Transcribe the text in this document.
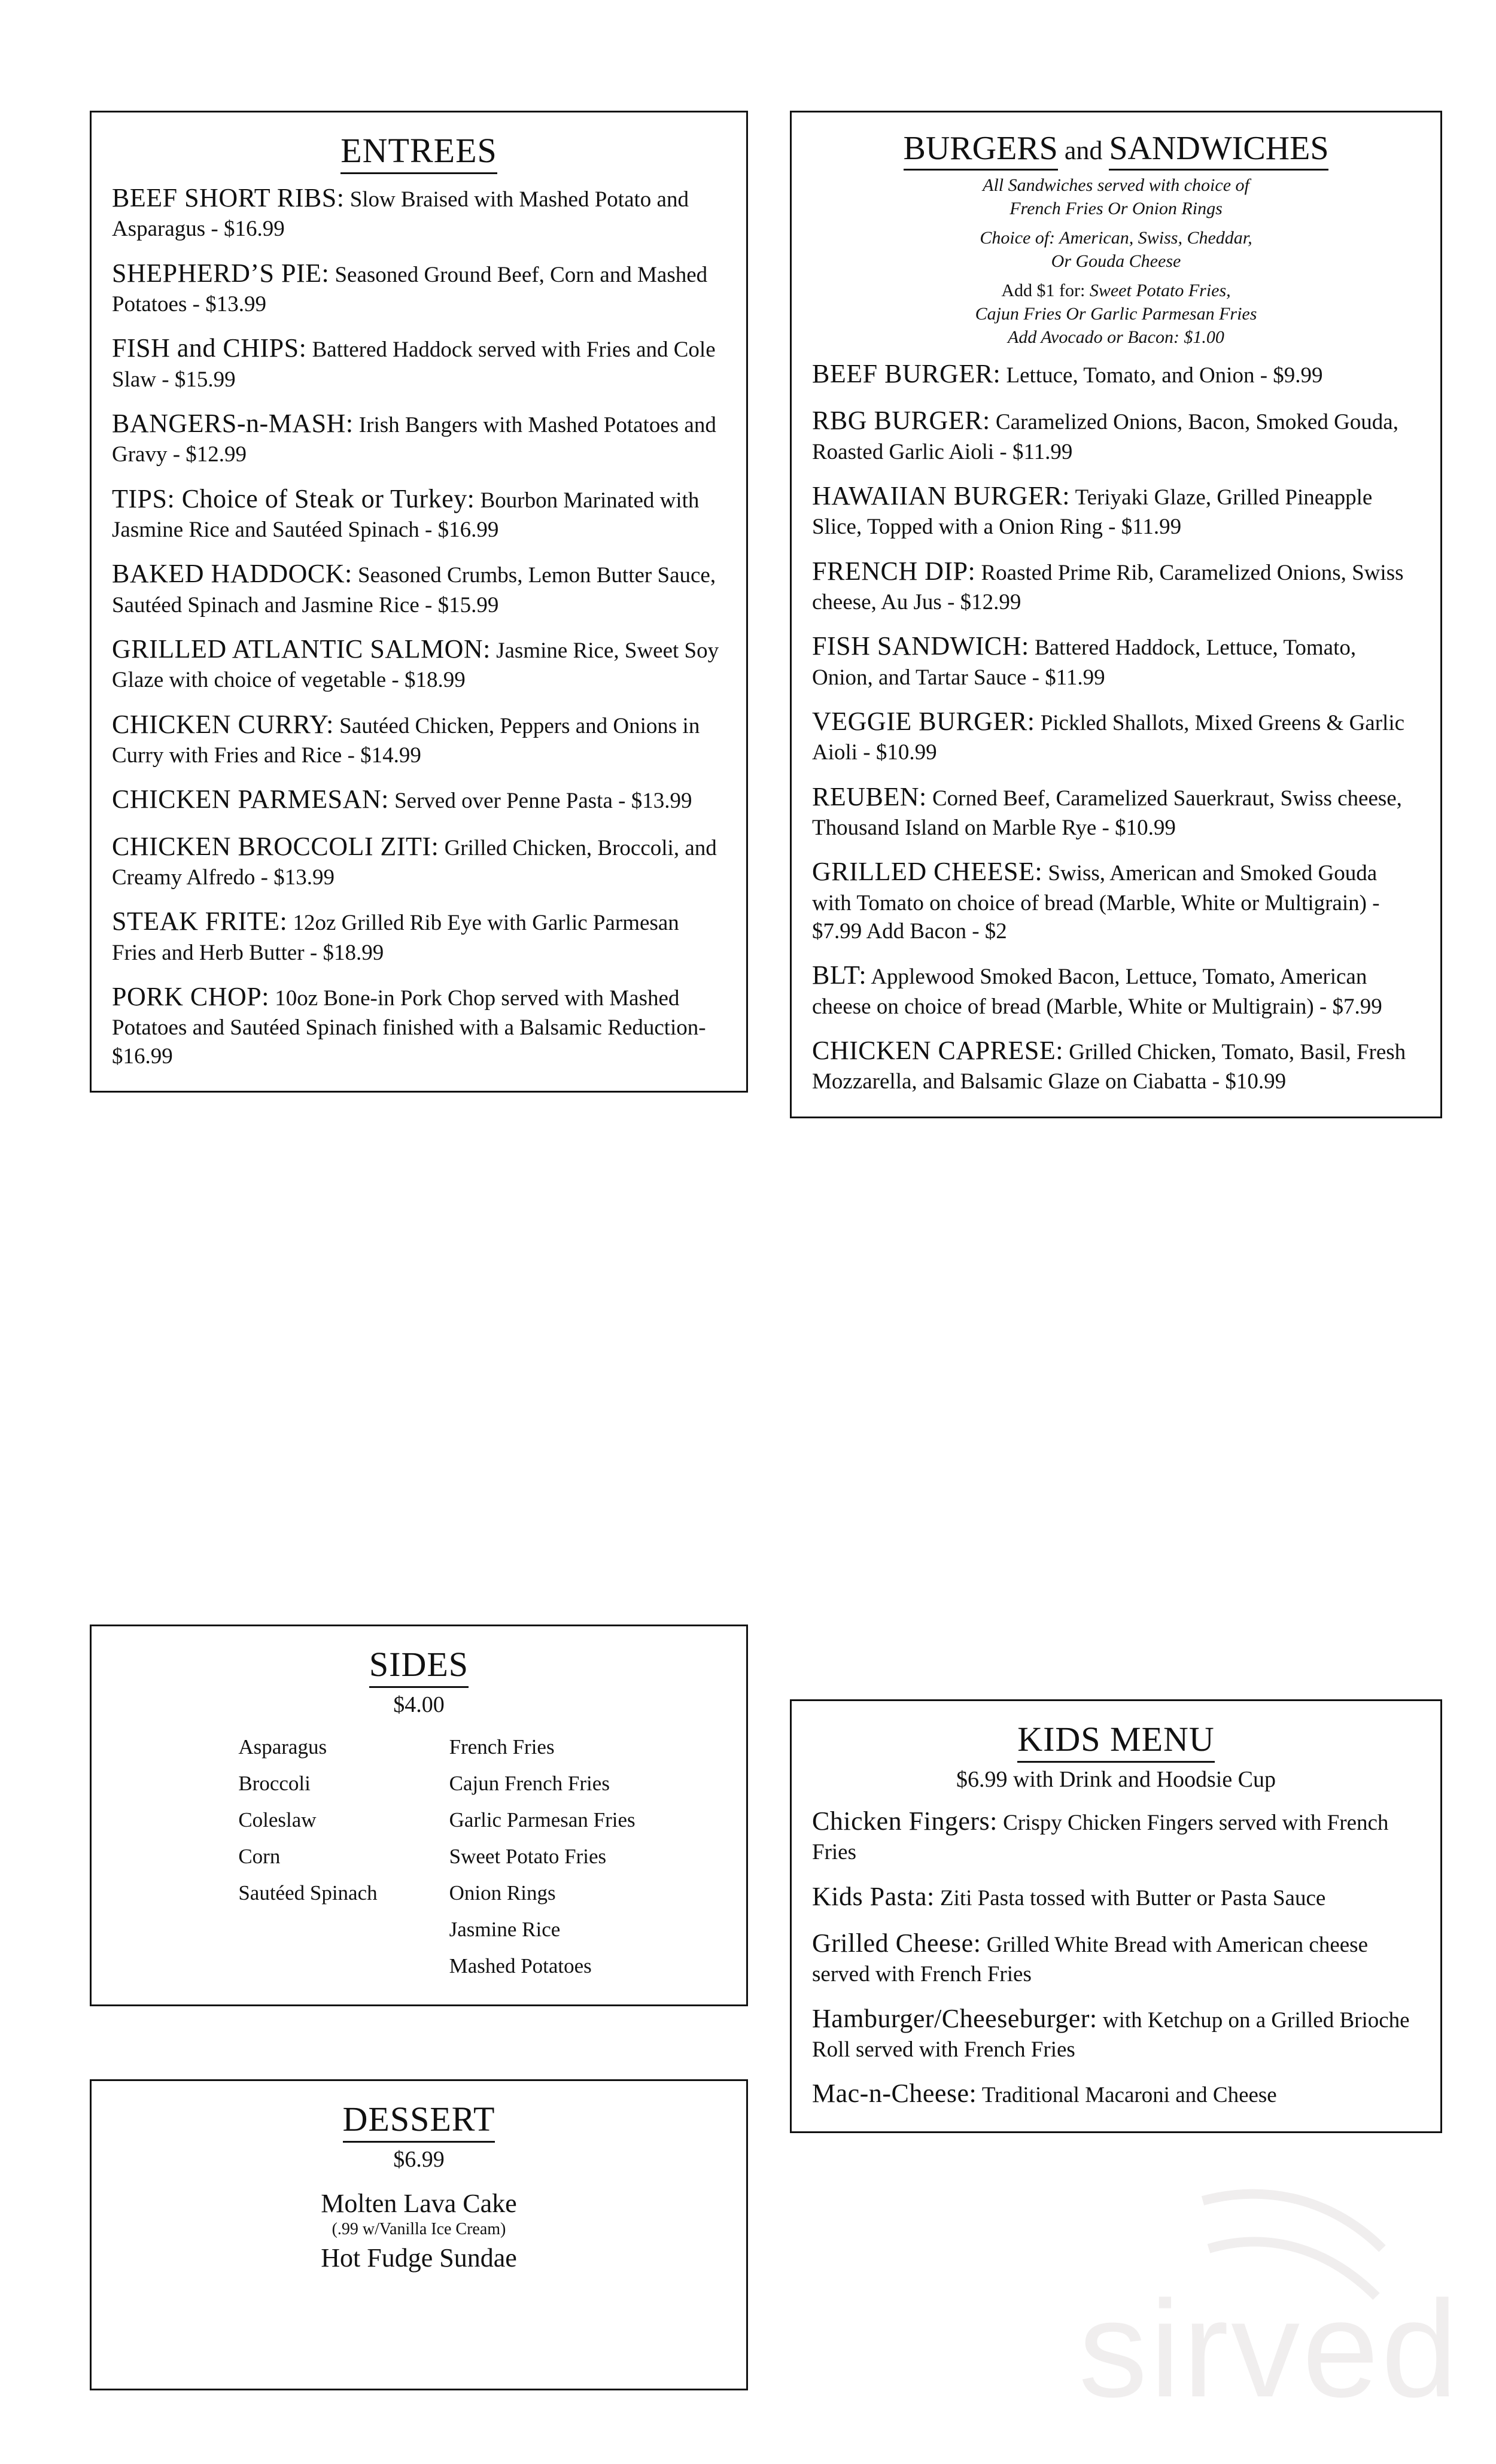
sirved
ENTREES
BEEF SHORT RIBS: Slow Braised with Mashed Potato and Asparagus - $16.99
SHEPHERD’S PIE: Seasoned Ground Beef, Corn and Mashed Potatoes - $13.99
FISH and CHIPS: Battered Haddock served with Fries and Cole Slaw - $15.99
BANGERS-n-MASH: Irish Bangers with Mashed Potatoes and Gravy - $12.99
TIPS: Choice of Steak or Turkey: Bourbon Marinated with Jasmine Rice and Sautéed Spinach - $16.99
BAKED HADDOCK: Seasoned Crumbs, Lemon Butter Sauce, Sautéed Spinach and Jasmine Rice - $15.99
GRILLED ATLANTIC SALMON: Jasmine Rice, Sweet Soy Glaze with choice of vegetable - $18.99
CHICKEN CURRY: Sautéed Chicken, Peppers and Onions in Curry with Fries and Rice - $14.99
CHICKEN PARMESAN: Served over Penne Pasta - $13.99
CHICKEN BROCCOLI ZITI: Grilled Chicken, Broccoli, and Creamy Alfredo - $13.99
STEAK FRITE: 12oz Grilled Rib Eye with Garlic Parmesan Fries and Herb Butter - $18.99
PORK CHOP: 10oz Bone-in Pork Chop served with Mashed Potatoes and Sautéed Spinach finished with a Balsamic Reduction- $16.99
SIDES
$4.00
Asparagus
Broccoli
Coleslaw
Corn
Sautéed Spinach
French Fries
Cajun French Fries
Garlic Parmesan Fries
Sweet Potato Fries
Onion Rings
Jasmine Rice
Mashed Potatoes
DESSERT
$6.99
Molten Lava Cake
(.99 w/Vanilla Ice Cream)
Hot Fudge Sundae
BURGERS and SANDWICHES
All Sandwiches served with choice of
French Fries Or Onion Rings
Choice of: American, Swiss, Cheddar,
Or Gouda Cheese
Add $1 for: Sweet Potato Fries,
Cajun Fries Or Garlic Parmesan Fries
Add Avocado or Bacon: $1.00
BEEF BURGER: Lettuce, Tomato, and Onion - $9.99
RBG BURGER: Caramelized Onions, Bacon, Smoked Gouda, Roasted Garlic Aioli - $11.99
HAWAIIAN BURGER: Teriyaki Glaze, Grilled Pineapple Slice, Topped with a Onion Ring - $11.99
FRENCH DIP: Roasted Prime Rib, Caramelized Onions, Swiss cheese, Au Jus - $12.99
FISH SANDWICH: Battered Haddock, Lettuce, Tomato, Onion, and Tartar Sauce - $11.99
VEGGIE BURGER: Pickled Shallots, Mixed Greens & Garlic Aioli - $10.99
REUBEN: Corned Beef, Caramelized Sauerkraut, Swiss cheese, Thousand Island on Marble Rye - $10.99
GRILLED CHEESE: Swiss, American and Smoked Gouda with Tomato on choice of bread (Marble, White or Multigrain) - $7.99 Add Bacon - $2
BLT: Applewood Smoked Bacon, Lettuce, Tomato, American cheese on choice of bread (Marble, White or Multigrain) - $7.99
CHICKEN CAPRESE: Grilled Chicken, Tomato, Basil, Fresh Mozzarella, and Balsamic Glaze on Ciabatta - $10.99
KIDS MENU
$6.99 with Drink and Hoodsie Cup
Chicken Fingers: Crispy Chicken Fingers served with French Fries
Kids Pasta: Ziti Pasta tossed with Butter or Pasta Sauce
Grilled Cheese: Grilled White Bread with American cheese served with French Fries
Hamburger/Cheeseburger: with Ketchup on a Grilled Brioche Roll served with French Fries
Mac-n-Cheese: Traditional Macaroni and Cheese
